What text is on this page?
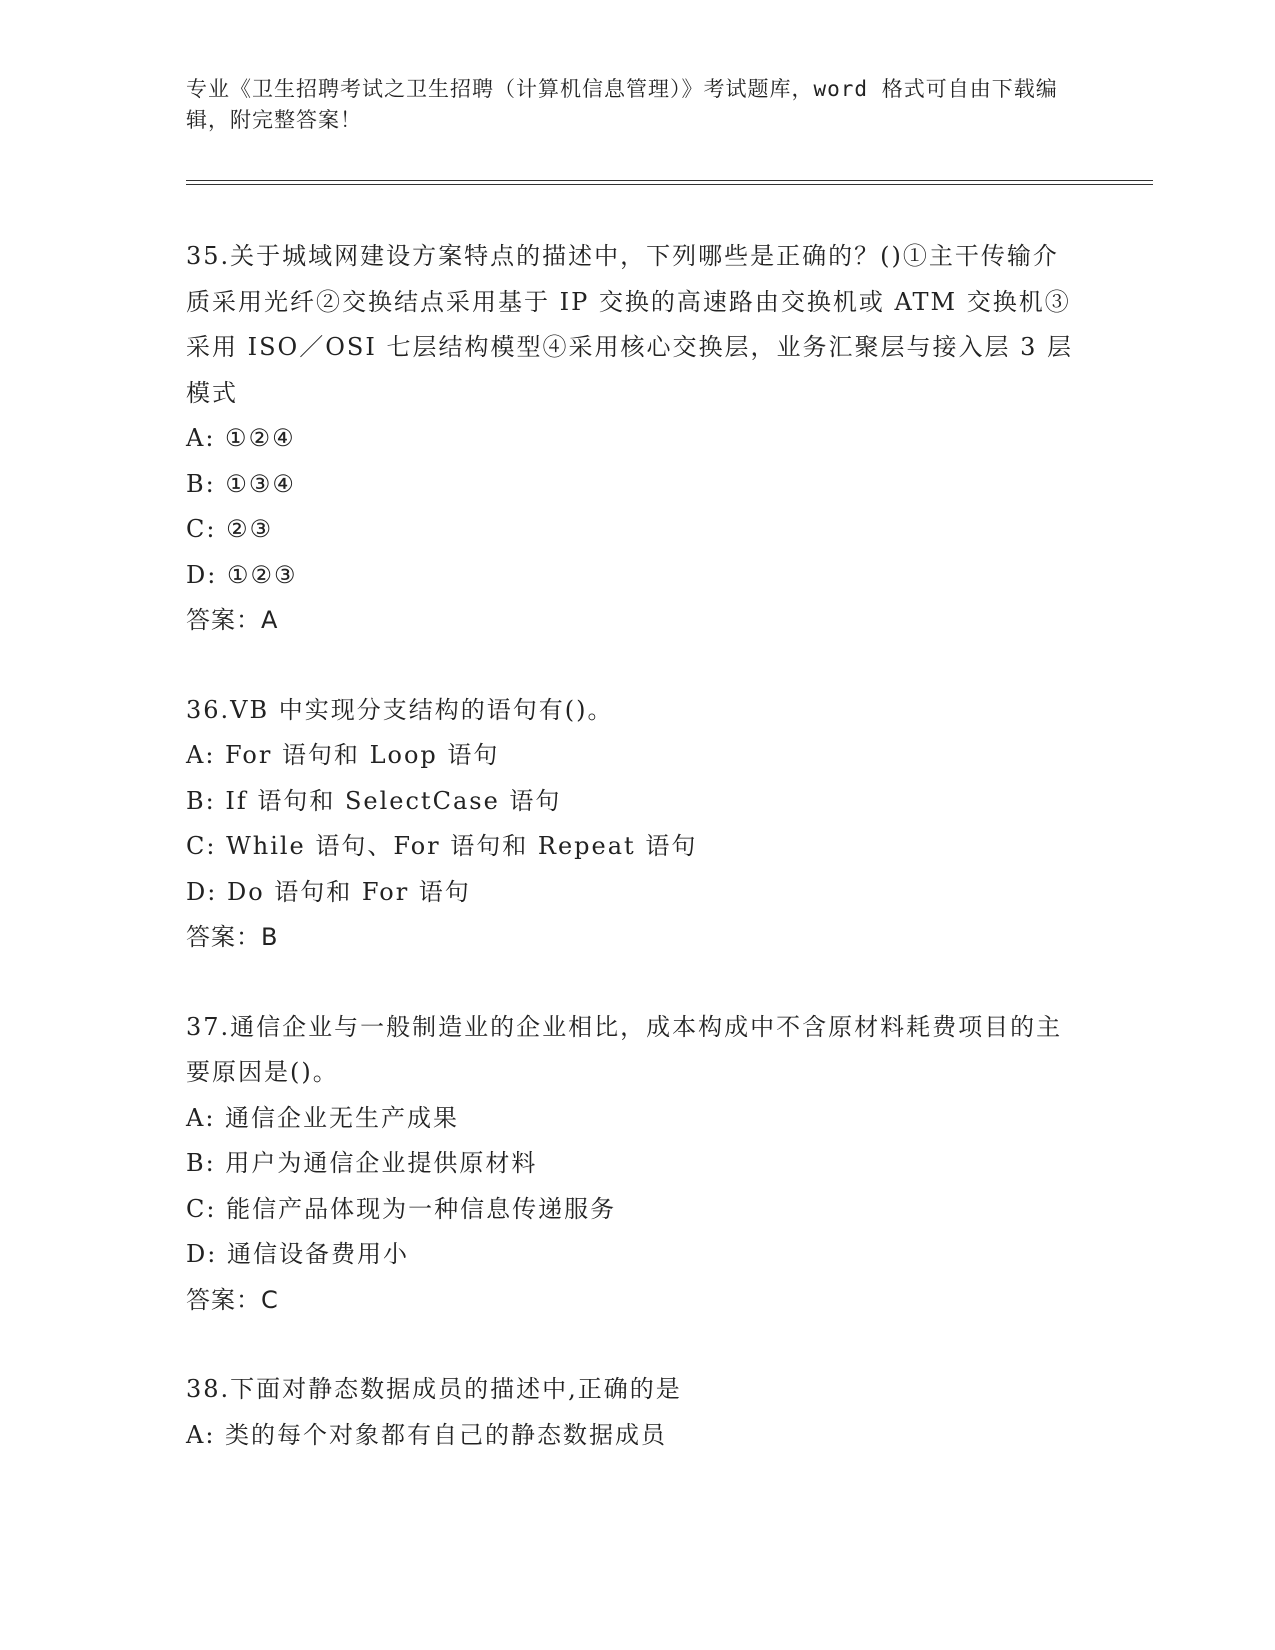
专业《卫生招聘考试之卫生招聘（计算机信息管理）》考试题库，word 格式可自由下载编辑，附完整答案！
35.关于城域网建设方案特点的描述中，下列哪些是正确的？()①主干传输介质采用光纤②交换结点采用基于 IP 交换的高速路由交换机或 ATM 交换机③采用 ISO／OSI 七层结构模型④采用核心交换层，业务汇聚层与接入层 3 层模式
A: ①②④
B: ①③④
C: ②③
D: ①②③
答案：A
36.VB 中实现分支结构的语句有()。
A: For 语句和 Loop 语句
B: If 语句和 SelectCase 语句
C: While 语句、For 语句和 Repeat 语句
D: Do 语句和 For 语句
答案：B
37.通信企业与一般制造业的企业相比，成本构成中不含原材料耗费项目的主要原因是()。
A: 通信企业无生产成果
B: 用户为通信企业提供原材料
C: 能信产品体现为一种信息传递服务
D: 通信设备费用小
答案：C
38.下面对静态数据成员的描述中,正确的是
A: 类的每个对象都有自己的静态数据成员
